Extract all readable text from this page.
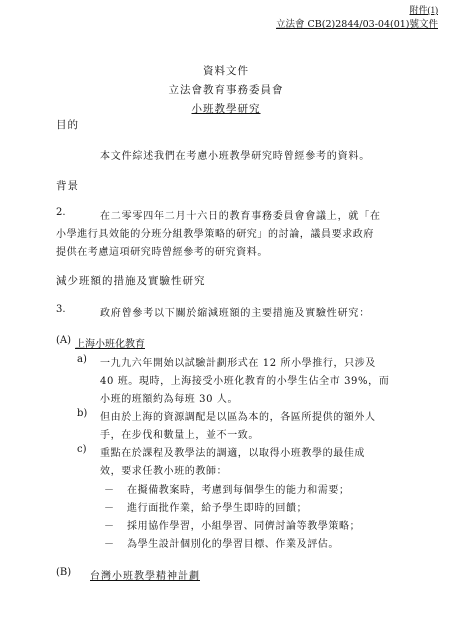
附件(1)
立法會 CB(2)2844/03-04(01)號文件
資料文件
立法會教育事務委員會
小班教學研究
目的
本文件綜述我們在考慮小班教學研究時曾經參考的資料。
背景
2.	在二零零四年二月十六日的教育事務委員會會議上，就「在
小學進行具效能的分班分組教學策略的研究」的討論，議員要求政府
提供在考慮這項研究時曾經參考的研究資料。
減少班額的措施及實驗性研究
3.	政府曾參考以下關於縮減班額的主要措施及實驗性研究：
(A) 上海小班化教育
a) 一九九六年開始以試驗計劃形式在 12 所小學推行，只涉及
40 班。現時，上海接受小班化教育的小學生佔全市 39%，而
小班的班額約為每班 30 人。
b) 但由於上海的資源調配是以區為本的，各區所提供的額外人
手，在步伐和數量上，並不一致。
c) 重點在於課程及教學法的調適，以取得小班教學的最佳成
效，要求任教小班的教師：
－ 在擬備教案時，考慮到每個學生的能力和需要；
－ 進行面批作業，給予學生即時的回饋；
－ 採用協作學習，小組學習、同儕討論等教學策略；
－ 為學生設計個別化的學習目標、作業及評估。
(B) 台灣小班教學精神計劃
